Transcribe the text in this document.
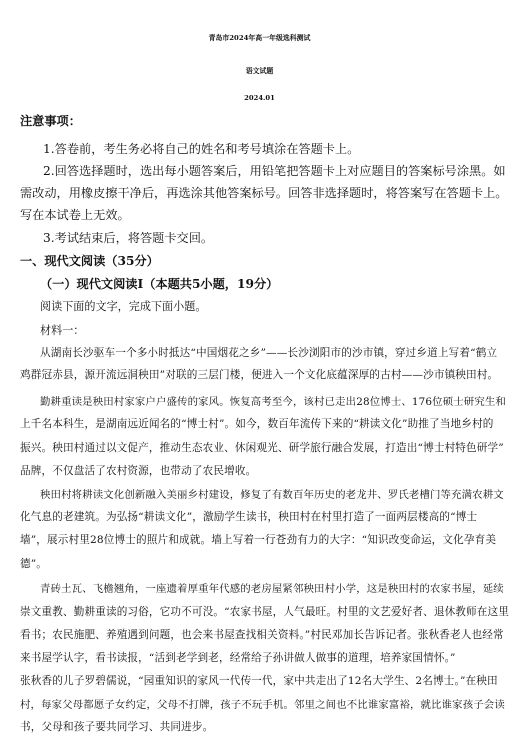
青岛市2024年高一年级选科测试
语文试题
2024.01
注意事项：
1.答卷前，考生务必将自己的姓名和考号填涂在答题卡上。
2.回答选择题时，选出每小题答案后，用铅笔把答题卡上对应题目的答案标号涂黑。如
需改动，用橡皮擦干净后，再选涂其他答案标号。回答非选择题时，将答案写在答题卡上。
写在本试卷上无效。
3.考试结束后，将答题卡交回。
一、现代文阅读（35分）
（一）现代文阅读Ⅰ（本题共5小题，19分）
阅读下面的文字，完成下面小题。
材料一：
从湖南长沙驱车一个多小时抵达“中国烟花之乡”——长沙浏阳市的沙市镇，穿过乡道上写着“鹤立
鸡群冠赤县，源开流远洞秧田”对联的三层门楼，便进入一个文化底蕴深厚的古村——沙市镇秧田村。
勤耕重读是秧田村家家户户盛传的家风。恢复高考至今，该村已走出28位博士、176位硕士研究生和
上千名本科生，是湖南远近闻名的“博士村”。如今，数百年流传下来的“耕读文化”助推了当地乡村的
振兴。秧田村通过以文促产，推动生态农业、休闲观光、研学旅行融合发展，打造出“博士村特色研学”
品牌，不仅盘活了农村资源，也带动了农民增收。
秧田村将耕读文化创新融入美丽乡村建设，修复了有数百年历史的老龙井、罗氏老槽门等充满农耕文
化气息的老建筑。为弘扬“耕读文化”，激励学生读书，秧田村在村里打造了一面两层楼高的“博士
墙”，展示村里28位博士的照片和成就。墙上写着一行苍劲有力的大字：“知识改变命运，文化孕育美
德”。
青砖土瓦、飞檐翘角，一座遗着厚重年代感的老房屋紧邻秧田村小学，这是秧田村的农家书屋，延续
崇文重教、勤耕重读的习俗，它功不可没。“农家书屋，人气最旺。村里的文艺爱好者、退休教师在这里
看书；农民施肥、养殖遇到问题，也会来书屋查找相关资料。”村民邓加长告诉记者。张秋香老人也经常
来书屋学认字，看书读报，“活到老学到老，经常给子孙讲做人做事的道理，培养家国情怀。”
张秋香的儿子罗碧儒说，“园重知识的家风一代传一代，家中共走出了12名大学生、2名博士。”在秧田
村，每家父母都愿子女约定，父母不打牌，孩子不玩手机。邻里之间也不比谁家富裕，就比谁家孩子会读
书，父母和孩子要共同学习、共同进步。
